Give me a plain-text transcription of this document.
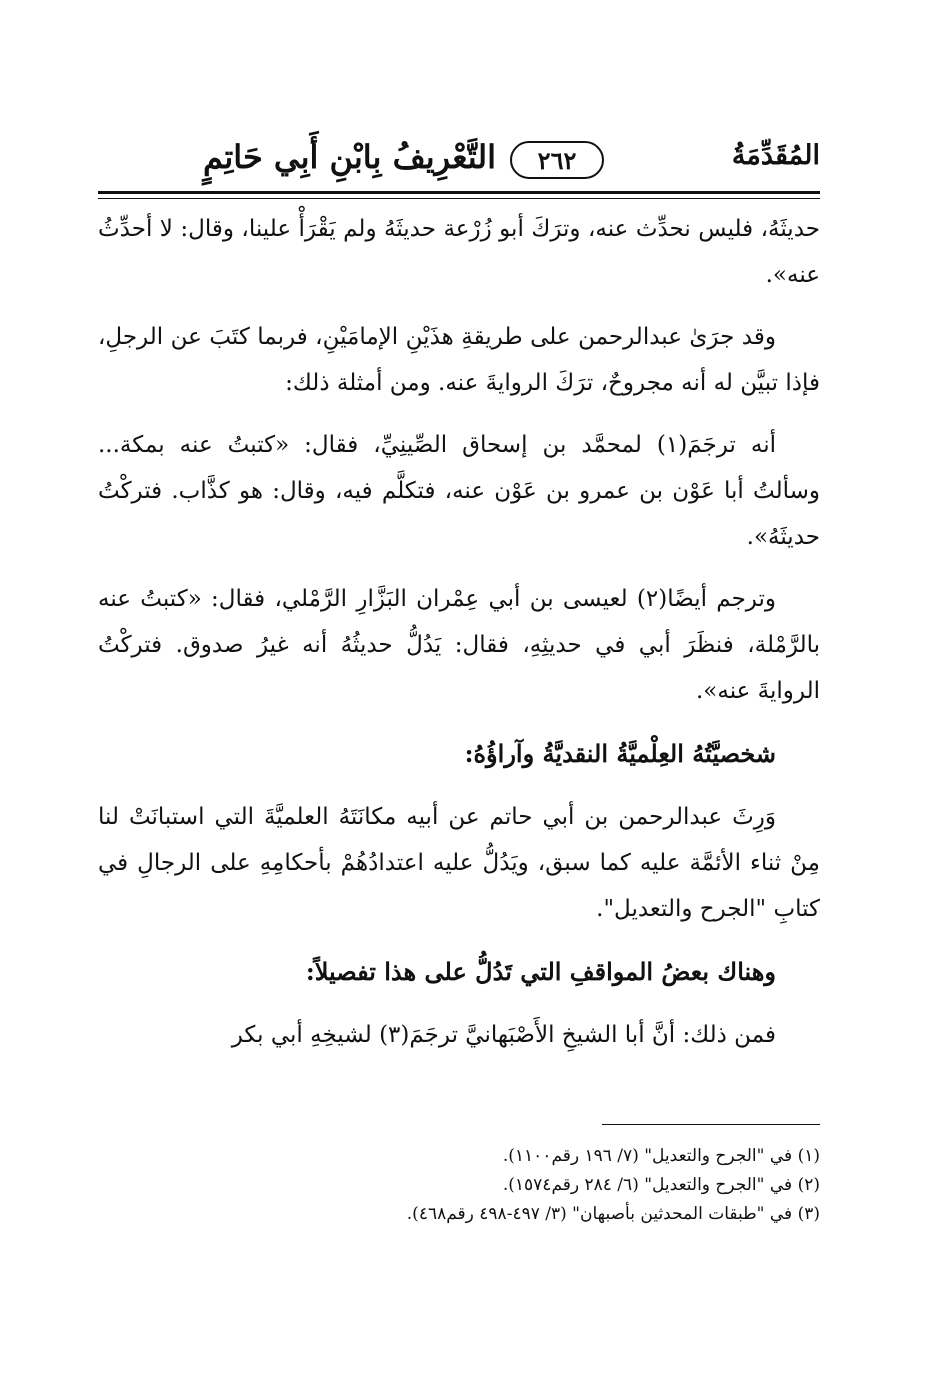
المُقَدِّمَةُ
٢٦٢
التَّعْرِيفُ بِابْنِ أَبِي حَاتِمٍ

حديثَهُ، فليس نحدِّث عنه، وترَكَ أبو زُرْعة حديثَهُ ولم يَقْرَأْ علينا، وقال: لا أحدِّثُ عنه».

وقد جرَىٰ عبدالرحمن على طريقةِ هذَيْنِ الإمامَيْنِ، فربما كتَبَ عن الرجلِ، فإذا تبيَّن له أنه مجروحٌ، ترَكَ الروايةَ عنه. ومن أمثلة ذلك:

أنه ترجَمَ(١) لمحمَّد بن إسحاق الصِّينِيِّ، فقال: «كتبتُ عنه بمكة... وسألتُ أبا عَوْن بن عمرو بن عَوْن عنه، فتكلَّم فيه، وقال: هو كذَّاب. فتركْتُ حديثَهُ».

وترجم أيضًا(٢) لعيسى بن أبي عِمْران البَزَّارِ الرَّمْلي، فقال: «كتبتُ عنه بالرَّمْلة، فنظَرَ أبي في حديثِهِ، فقال: يَدُلُّ حديثُهُ أنه غيرُ صدوق. فتركْتُ الروايةَ عنه».

شخصيَّتُهُ العِلْميَّةُ النقديَّةُ وآراؤُهُ:

وَرِثَ عبدالرحمن بن أبي حاتم عن أبيه مكانَتَهُ العلميَّةَ التي استبانَتْ لنا مِنْ ثناء الأئمَّة عليه كما سبق، ويَدُلُّ عليه اعتدادُهُمْ بأحكامِهِ على الرجالِ في كتابِ "الجرح والتعديل".

وهناك بعضُ المواقفِ التي تَدُلُّ على هذا تفصيلاً:

فمن ذلك: أنَّ أبا الشيخِ الأَصْبَهانيَّ ترجَمَ(٣) لشيخِهِ أبي بكر

(١) في "الجرح والتعديل" (٧/ ١٩٦ رقم١١٠٠).
(٢) في "الجرح والتعديل" (٦/ ٢٨٤ رقم١٥٧٤).
(٣) في "طبقات المحدثين بأصبهان" (٣/ ٤٩٧-٤٩٨ رقم٤٦٨).
